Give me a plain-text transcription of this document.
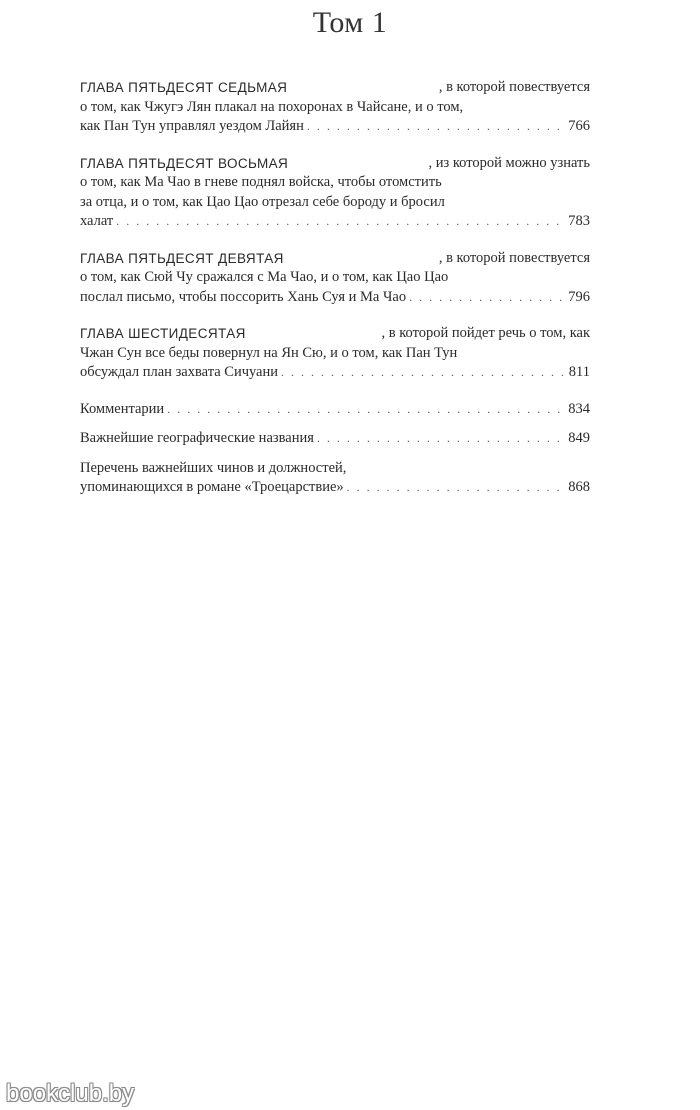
Том 1
ГЛАВА ПЯТЬДЕСЯТ СЕДЬМАЯ	, в которой повествуется
о том, как Чжугэ Лян плакал на похоронах в Чайсане, и о том,
как Пан Тун управлял уездом Лайян . . .	766
ГЛАВА ПЯТЬДЕСЯТ ВОСЬМАЯ	, из которой можно узнать
о том, как Ма Чао в гневе поднял войска, чтобы отомстить
за отца, и о том, как Цао Цао отрезал себе бороду и бросил
халат . . .	783
ГЛАВА ПЯТЬДЕСЯТ ДЕВЯТАЯ	, в которой повествуется
о том, как Сюй Чу сражался с Ма Чао, и о том, как Цао Цао
послал письмо, чтобы поссорить Хань Суя и Ма Чао . . .	796
ГЛАВА ШЕСТИДЕСЯТАЯ	, в которой пойдет речь о том, как
Чжан Сун все беды повернул на Ян Сю, и о том, как Пан Тун
обсуждал план захвата Сичуани . . .	811
Комментарии . . .	834
Важнейшие географические названия . . .	849
Перечень важнейших чинов и должностей,
упоминающихся в романе «Троецарствие» . . .	868
bookclub.by
